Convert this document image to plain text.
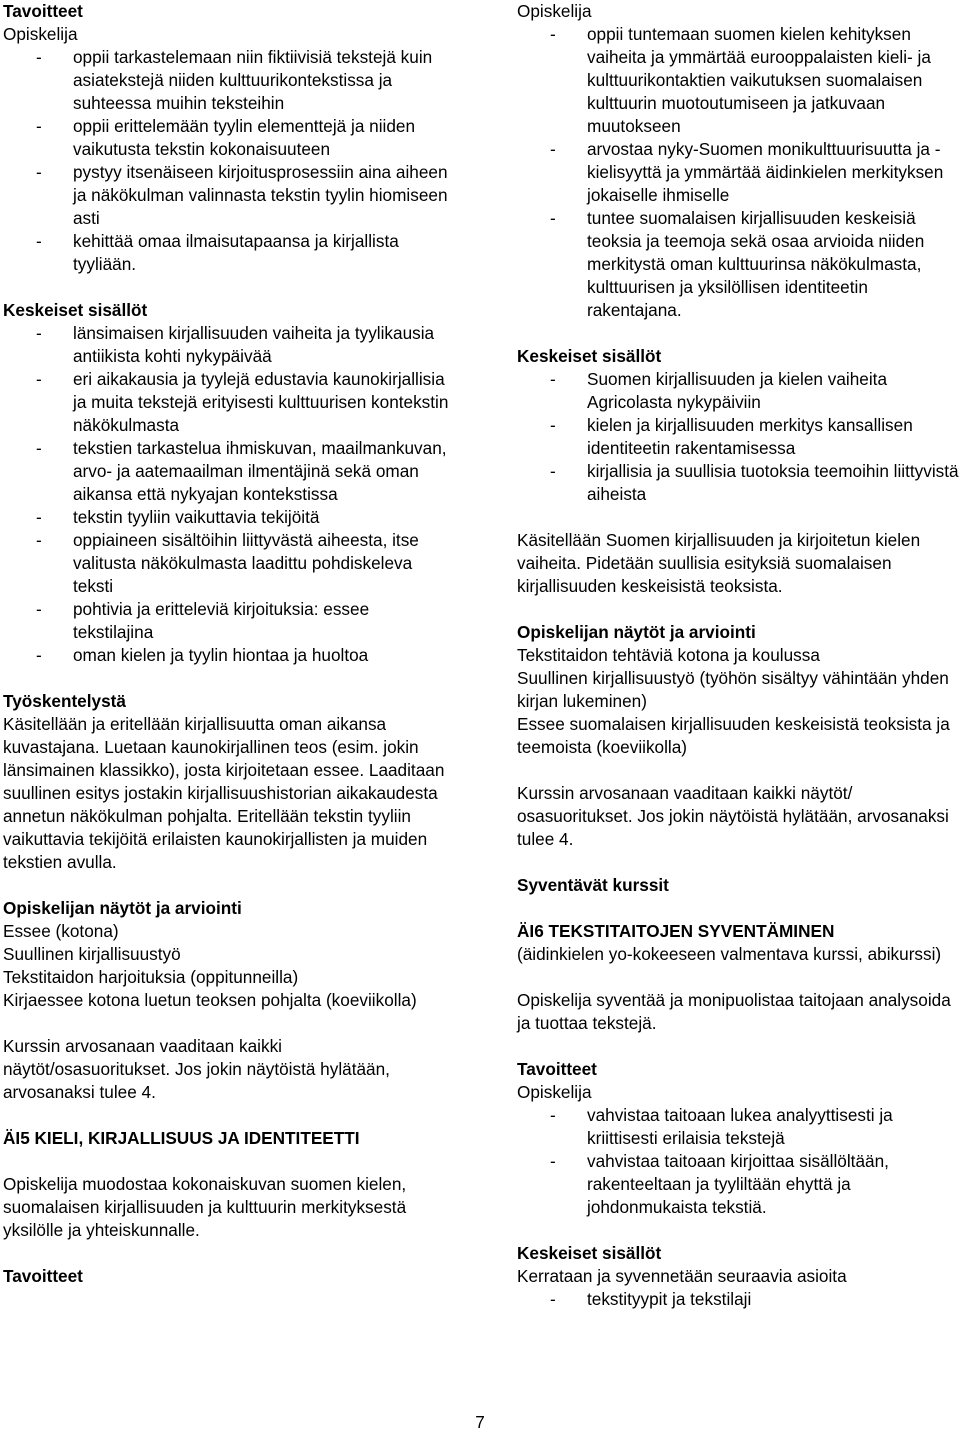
Tavoitteet

Opiskelija

- oppii tarkastelemaan niin fiktiivisiä tekstejä kuin asiatekstejä niiden kulttuurikontekstissa ja suhteessa muihin teksteihin
- oppii erittelemään tyylin elementtejä ja niiden vaikutusta tekstin kokonaisuuteen
- pystyy itsenäiseen kirjoitusprosessiin aina aiheen ja näkökulman valinnasta tekstin tyylin hiomiseen asti
- kehittää omaa ilmaisutapaansa ja kirjallista tyyliään.
Keskeiset sisällöt
- länsimaisen kirjallisuuden vaiheita ja tyylikausia antiikista kohti nykypäivää
- eri aikakausia ja tyylejä edustavia kaunokirjallisia ja muita tekstejä erityisesti kulttuurisen kontekstin näkökulmasta
- tekstien tarkastelua ihmiskuvan, maailmankuvan, arvo- ja aatemaailman ilmentäjinä sekä oman aikansa että nykyajan kontekstissa
- tekstin tyyliin vaikuttavia tekijöitä
- oppiaineen sisältöihin liittyvästä aiheesta, itse valitusta näkökulmasta laadittu pohdiskeleva teksti
- pohtivia ja eritteleviä kirjoituksia: essee tekstilajina
- oman kielen ja tyylin hiontaa ja huoltoa
Työskentelystä

Käsitellään ja eritellään kirjallisuutta oman aikansa kuvastajana. Luetaan kaunokirjallinen teos (esim. jokin länsimainen klassikko), josta kirjoitetaan essee. Laaditaan suullinen esitys jostakin kirjallisuushistorian aikakaudesta annetun näkökulman pohjalta. Eritellään tekstin tyyliin vaikuttavia tekijöitä erilaisten kaunokirjallisten ja muiden tekstien avulla.

Opiskelijan näytöt ja arviointi

Essee (kotona)

Suullinen kirjallisuustyö

Tekstitaidon harjoituksia (oppitunneilla)

Kirjaessee kotona luetun teoksen pohjalta (koeviikolla)

Kurssin arvosanaan vaaditaan kaikki näytöt/osasuoritukset. Jos jokin näytöistä hylätään, arvosanaksi tulee 4.

ÄI5 KIELI, KIRJALLISUUS JA IDENTITEETTI

Opiskelija muodostaa kokonaiskuvan suomen kielen, suomalaisen kirjallisuuden ja kulttuurin merkityksestä yksilölle ja yhteiskunnalle.

Tavoitteet

Opiskelija

- oppii tuntemaan suomen kielen kehityksen vaiheita ja ymmärtää eurooppalaisten kieli- ja kulttuurikontaktien vaikutuksen suomalaisen kulttuurin muotoutumiseen ja jatkuvaan muutokseen
- arvostaa nyky-Suomen monikulttuurisuutta ja -kielisyyttä ja ymmärtää äidinkielen merkityksen jokaiselle ihmiselle
- tuntee suomalaisen kirjallisuuden keskeisiä teoksia ja teemoja sekä osaa arvioida niiden merkitystä oman kulttuurinsa näkökulmasta, kulttuurisen ja yksilöllisen identiteetin rakentajana.
Keskeiset sisällöt
- Suomen kirjallisuuden ja kielen vaiheita Agricolasta nykypäiviin
- kielen ja kirjallisuuden merkitys kansallisen identiteetin rakentamisessa
- kirjallisia ja suullisia tuotoksia teemoihin liittyvistä aiheista

Käsitellään Suomen kirjallisuuden ja kirjoitetun kielen vaiheita. Pidetään suullisia esityksiä suomalaisen kirjallisuuden keskeisistä teoksista.

Opiskelijan näytöt ja arviointi

Tekstitaidon tehtäviä kotona ja koulussa

Suullinen kirjallisuustyö (työhön sisältyy vähintään yhden kirjan lukeminen)

Essee suomalaisen kirjallisuuden keskeisistä teoksista ja teemoista (koeviikolla)

Kurssin arvosanaan vaaditaan kaikki näytöt/ osasuoritukset. Jos jokin näytöistä hylätään, arvosanaksi tulee 4.

Syventävät kurssit
ÄI6 TEKSTITAITOJEN SYVENTÄMINEN

(äidinkielen yo-kokeeseen valmentava kurssi, abikurssi)

Opiskelija syventää ja monipuolistaa taitojaan analysoida ja tuottaa tekstejä.

Tavoitteet

Opiskelija

- vahvistaa taitoaan lukea analyyttisesti ja kriittisesti erilaisia tekstejä
- vahvistaa taitoaan kirjoittaa sisällöltään, rakenteeltaan ja tyyliltään ehyttä ja johdonmukaista tekstiä.
Keskeiset sisällöt

Kerrataan ja syvennetään seuraavia asioita

- tekstityypit ja tekstilaji
7
